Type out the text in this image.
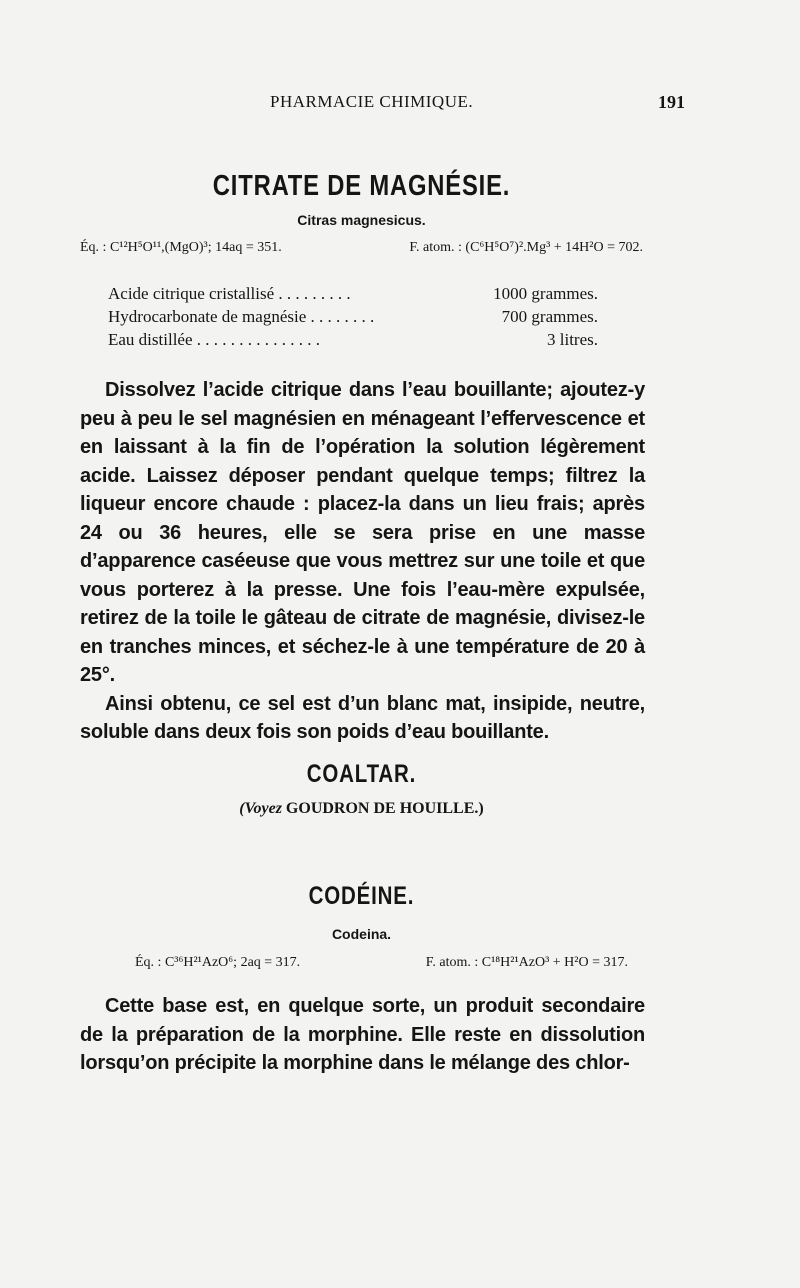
PHARMACIE CHIMIQUE.	191
CITRATE DE MAGNÉSIE.
Citras magnesicus.
Éq. : C¹²H⁵O¹¹,(MgO)³; 14aq = 351.	F. atom. : (C⁶H⁵O⁷)².Mg³ + 14H²O = 702.
Acide citrique cristallisé . . . . . . . . .	1000 grammes.
Hydrocarbonate de magnésie . . . . . . . .	700 grammes.
Eau distillée . . . . . . . . . . . . . . .	3 litres.

Dissolvez l’acide citrique dans l’eau bouillante; ajoutez-y peu à peu le sel magnésien en ménageant l’effervescence et en laissant à la fin de l’opération la solution légèrement acide. Laissez déposer pendant quelque temps; filtrez la liqueur encore chaude : placez-la dans un lieu frais; après 24 ou 36 heures, elle se sera prise en une masse d’apparence caséeuse que vous mettrez sur une toile et que vous porterez à la presse. Une fois l’eau-mère expulsée, retirez de la toile le gâteau de citrate de magnésie, divisez-le en tranches minces, et séchez-le à une température de 20 à 25°.

Ainsi obtenu, ce sel est d’un blanc mat, insipide, neutre, soluble dans deux fois son poids d’eau bouillante.

COALTAR.
(Voyez GOUDRON DE HOUILLE.)
CODÉINE.
Codeina.
Éq. : C³⁶H²¹AzO⁶; 2aq = 317.	F. atom. : C¹⁸H²¹AzO³ + H²O = 317.

Cette base est, en quelque sorte, un produit secondaire de la préparation de la morphine. Elle reste en dissolution lorsqu’on précipite la morphine dans le mélange des chlor-
